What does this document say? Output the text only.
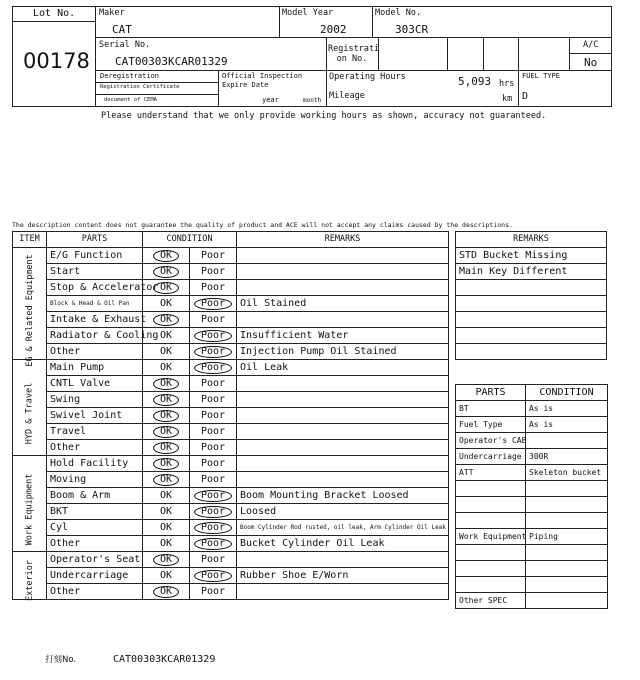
Lot No.
00178
Maker
CAT
Model Year
2002
Model No.
303CR
Serial No.
CAT00303KCAR01329
Registrati on No.
A/C
No
Deregistration
Registration Certificate
document of CEMA
Official Inspection Expire Date
year	month
Operating Hours	5,093 hrs
Mileage	km
FUEL TYPE
D
Please understand that we only provide working hours as shown, accuracy not guaranteed.
The description content does not guarantee the quality of product and ACE will not accept any claims caused by the descriptions.
ITEM	PARTS	CONDITION		REMARKS

EG & Related Equipment	E/G Function	OK	Poor	
	Start	OK	Poor	
	Stop & Accelerator	OK	Poor	
	Block & Head & Oil Pan	OK	Poor	Oil Stained
	Intake & Exhaust	OK	Poor	
	Radiator & Cooling	OK	Poor	Insufficient Water
	Other	OK	Poor	Injection Pump Oil Stained

HYD & Travel	Main Pump	OK	Poor	Oil Leak
	CNTL Valve	OK	Poor	
	Swing	OK	Poor	
	Swivel Joint	OK	Poor	
	Travel	OK	Poor	
	Other	OK	Poor	

Work Equipment	Hold Facility	OK	Poor	
	Moving	OK	Poor	
	Boom & Arm	OK	Poor	Boom Mounting Bracket Loosed
	BKT	OK	Poor	Loosed
	Cyl	OK	Poor	Boom Cylinder Rod rusted, oil leak, Arm Cylinder Oil Leak
	Other	OK	Poor	Bucket Cylinder Oil Leak

Exterior	Operator's Seat	OK	Poor	
	Undercarriage	OK	Poor	Rubber Shoe E/Worn
	Other	OK	Poor	
REMARKS
STD Bucket Missing
Main Key Different

PARTS	CONDITION
BT	As is
Fuel Type	As is
Operator's CAB	
Undercarriage	300R
ATT	Skeleton bucket

Work Equipment	Piping

Other SPEC	
打刻No.	CAT00303KCAR01329
